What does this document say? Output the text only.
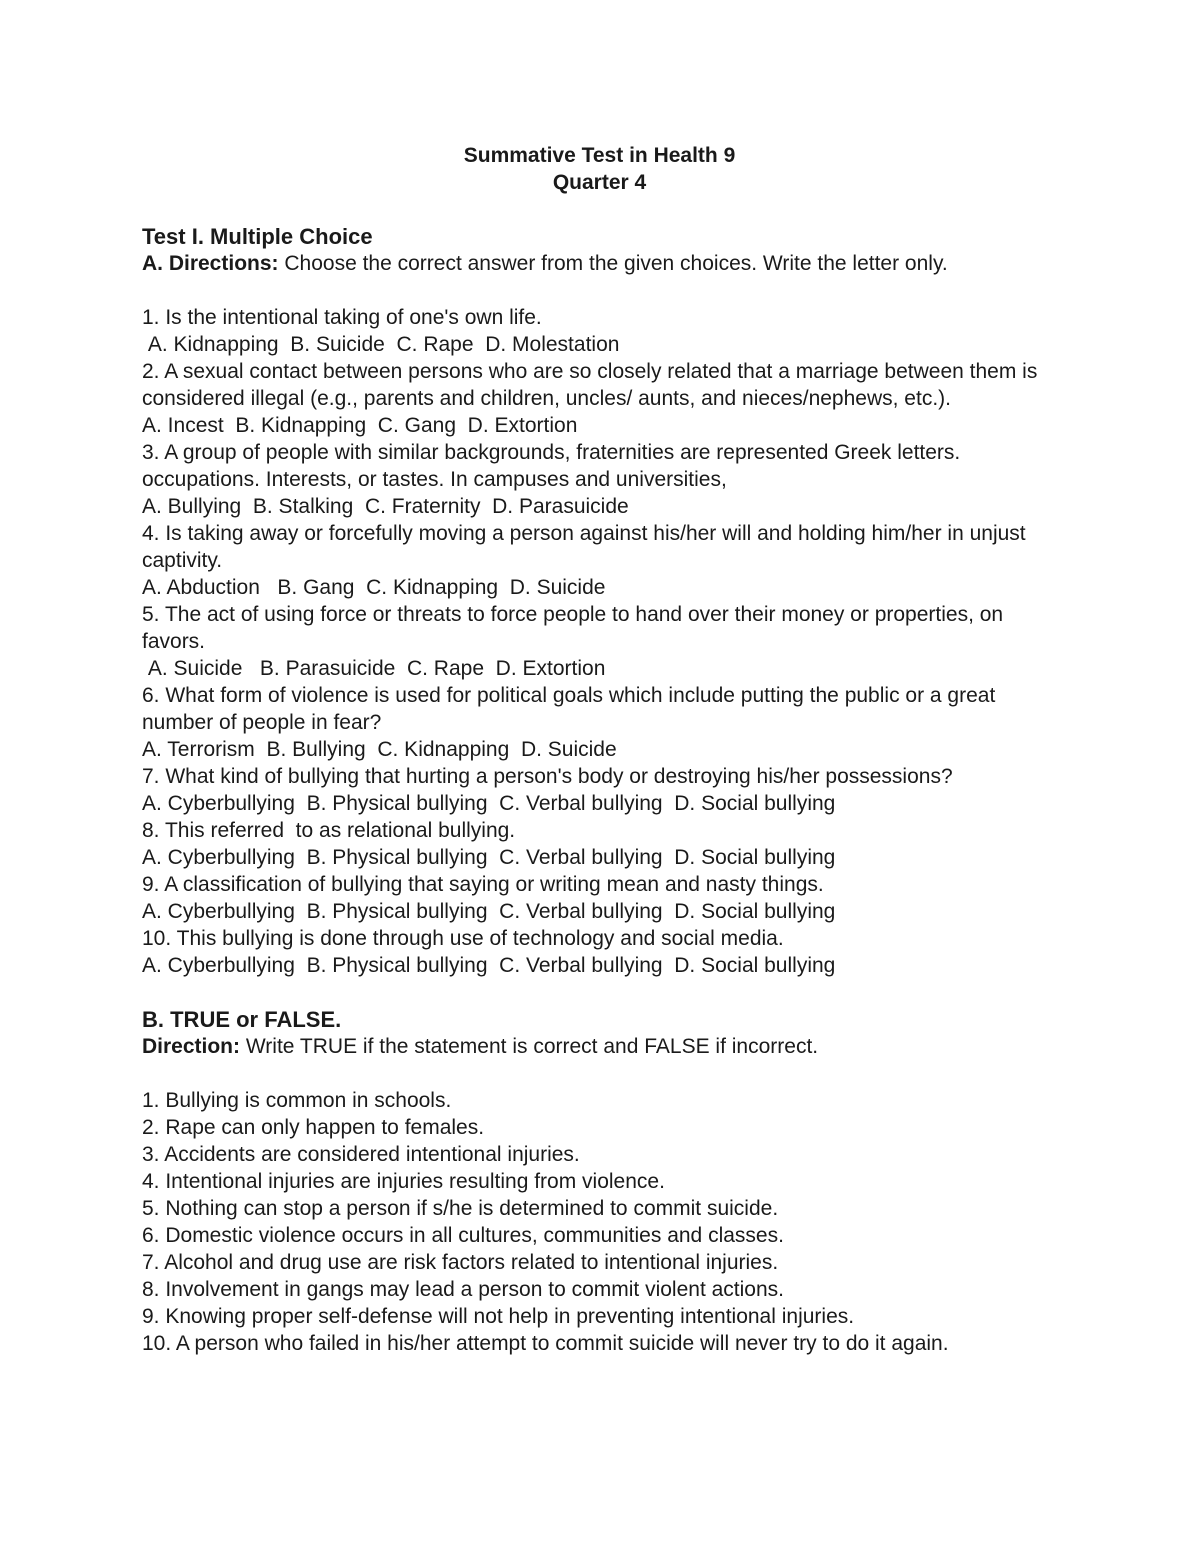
Summative Test in Health 9

Quarter 4

Test I. Multiple Choice

A. Directions: Choose the correct answer from the given choices. Write the letter only.

1. Is the intentional taking of one's own life.

A. Kidnapping  B. Suicide  C. Rape  D. Molestation

2. A sexual contact between persons who are so closely related that a marriage between them is considered illegal (e.g., parents and children, uncles/ aunts, and nieces/nephews, etc.).

A. Incest  B. Kidnapping  C. Gang  D. Extortion

3. A group of people with similar backgrounds, fraternities are represented Greek letters. occupations. Interests, or tastes. In campuses and universities,

A. Bullying  B. Stalking  C. Fraternity  D. Parasuicide

4. Is taking away or forcefully moving a person against his/her will and holding him/her in unjust captivity.

A. Abduction   B. Gang  C. Kidnapping  D. Suicide

5. The act of using force or threats to force people to hand over their money or properties, on favors.

A. Suicide   B. Parasuicide  C. Rape  D. Extortion

6. What form of violence is used for political goals which include putting the public or a great number of people in fear?

A. Terrorism  B. Bullying  C. Kidnapping  D. Suicide

7. What kind of bullying that hurting a person's body or destroying his/her possessions?

A. Cyberbullying  B. Physical bullying  C. Verbal bullying  D. Social bullying

8. This referred  to as relational bullying.

A. Cyberbullying  B. Physical bullying  C. Verbal bullying  D. Social bullying

9. A classification of bullying that saying or writing mean and nasty things.

A. Cyberbullying  B. Physical bullying  C. Verbal bullying  D. Social bullying

10. This bullying is done through use of technology and social media.

A. Cyberbullying  B. Physical bullying  C. Verbal bullying  D. Social bullying

B. TRUE or FALSE.

Direction: Write TRUE if the statement is correct and FALSE if incorrect.

1. Bullying is common in schools.

2. Rape can only happen to females.

3. Accidents are considered intentional injuries.

4. Intentional injuries are injuries resulting from violence.

5. Nothing can stop a person if s/he is determined to commit suicide.

6. Domestic violence occurs in all cultures, communities and classes.

7. Alcohol and drug use are risk factors related to intentional injuries.

8. Involvement in gangs may lead a person to commit violent actions.

9. Knowing proper self-defense will not help in preventing intentional injuries.

10. A person who failed in his/her attempt to commit suicide will never try to do it again.
